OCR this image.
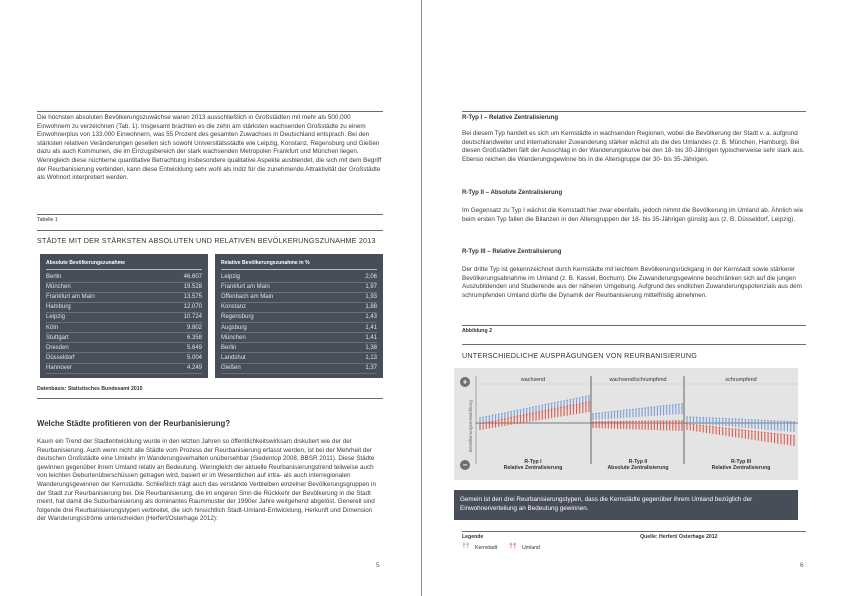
Die höchsten absoluten Bevölkerungszuwächse waren 2013 ausschließlich in Großstädten mit mehr als 500.000 Einwohnern zu verzeichnen (Tab. 1). Insgesamt brachten es die zehn am stärksten wachsenden Großstädte zu einem Einwohnerplus von 133.000 Einwohnern, was 55 Prozent des gesamten Zuwachses in Deutschland entsprach. Bei den stärksten relativen Veränderungen gesellen sich sowohl Universitätsstädte wie Leipzig, Konstanz, Regensburg und Gießen dazu als auch Kommunen, die im Einzugsbereich der stark wachsenden Metropolen Frankfurt und München liegen. Wenngleich diese nüchterne quantitative Betrachtung insbesondere qualitative Aspekte ausblendet, die sich mit dem Begriff der Reurbanisierung verbinden, kann diese Entwicklung sehr wohl als Indiz für die zunehmende Attraktivität der Großstädte als Wohnort interpretiert werden.
Tabelle 1
STÄDTE MIT DER STÄRKSTEN ABSOLUTEN UND RELATIVEN BEVÖLKERUNGSZUNAHME 2013
Absolute Bevölkerungszunahme
Berlin	46.607
München	19.528
Frankfurt am Main	13.575
Hamburg	12.070
Leipzig	10.724
Köln	9.802
Stuttgart	6.358
Dresden	5.649
Düsseldorf	5.004
Hannover	4.249
Relative Bevölkerungszunahme in %
Leipzig	2,06
Frankfurt am Main	1,97
Offenbach am Main	1,93
Konstanz	1,88
Regensburg	1,43
Augsburg	1,41
München	1,41
Berlin	1,38
Landshut	1,13
Gießen	1,37
Datenbasis: Statistisches Bundesamt 2015
Welche Städte profitieren von der Reurbanisierung?
Kaum ein Trend der Stadtentwicklung wurde in den letzten Jahren so öffentlichkeitswirksam diskutiert wie der der Reurbanisierung. Auch wenn nicht alle Städte vom Prozess der Reurbanisierung erfasst werden, ist bei der Mehrheit der deutschen Großstädte eine Umkehr im Wanderungsverhalten unübersehbar (Siedentop 2008, BBSR 2011). Diese Städte gewinnen gegenüber ihrem Umland relativ an Bedeutung. Wenngleich der aktuelle Reurbanisierungstrend teilweise auch von leichten Geburtenüberschüssen getragen wird, basiert er im Wesentlichen auf intra- als auch interregionalen Wanderungsgewinnen der Kernstädte. Schließlich trägt auch das verstärkte Verbleiben einzelner Bevölkerungsgruppen in der Stadt zur Reurbanisierung bei. Die Reurbanisierung, die im engeren Sinn die Rückkehr der Bevölkerung in die Stadt meint, hat damit die Suburbanisierung als dominantes Raummuster der 1990er Jahre weitgehend abgelöst. Generell sind folgende drei Reurbanisierungstypen verbreitet, die sich hinsichtlich Stadt-Umland-Entwicklung, Herkunft und Dimension der Wanderungsströme unterscheiden (Herfert/Osterhage 2012):
5
R-Typ I – Relative Zentralisierung
Bei diesem Typ handelt es sich um Kernstädte in wachsenden Regionen, wobei die Bevölkerung der Stadt v. a. aufgrund deutschlandweiter und internationaler Zuwanderung stärker wächst als die des Umlandes (z. B. München, Hamburg). Bei diesen Großstädten fällt der Ausschlag in der Wanderungskurve bei den 18- bis 30-Jährigen typischerweise sehr stark aus. Ebenso reichen die Wanderungsgewinne bis in die Altersgruppe der 30- bis 35-Jährigen.
R-Typ II – Absolute Zentralisierung
Im Gegensatz zu Typ I wächst die Kernstadt hier zwar ebenfalls, jedoch nimmt die Bevölkerung im Umland ab. Ähnlich wie beim ersten Typ fallen die Bilanzen in den Altersgruppen der 18- bis 35-Jährigen günstig aus (z. B. Düsseldorf, Leipzig).
R-Typ III – Relative Zentralisierung
Der dritte Typ ist gekennzeichnet durch Kernstädte mit leichtem Bevölkerungsrückgang in der Kernstadt sowie stärkerer Bevölkerungsabnahme im Umland (z. B. Kassel, Bochum). Die Zuwanderungsgewinne beschränken sich auf die jungen Auszubildenden und Studierende aus der näheren Umgebung. Aufgrund des endlichen Zuwanderungspotenzials aus dem schrumpfenden Umland dürfte die Dynamik der Reurbanisierung mittelfristig abnehmen.
Abbildung 2
UNTERSCHIEDLICHE AUSPRÄGUNGEN VON REURBANISIERUNG
+
−
Bevölkerungsentwicklung
wachsend	wachsend/schrumpfend	schrumpfend
R-Typ I
Relative Zentralisierung
R-Typ II
Absolute Zentralisierung
R-Typ III
Relative Zentralisierung
Gemein ist den drei Reurbanisierungstypen, dass die Kernstädte gegenüber ihrem Umland bezüglich der Einwohnerverteilung an Bedeutung gewinnen.
Legende	Quelle: Herfert/ Osterhage 2012
†† Kernstadt †† Umland
6
